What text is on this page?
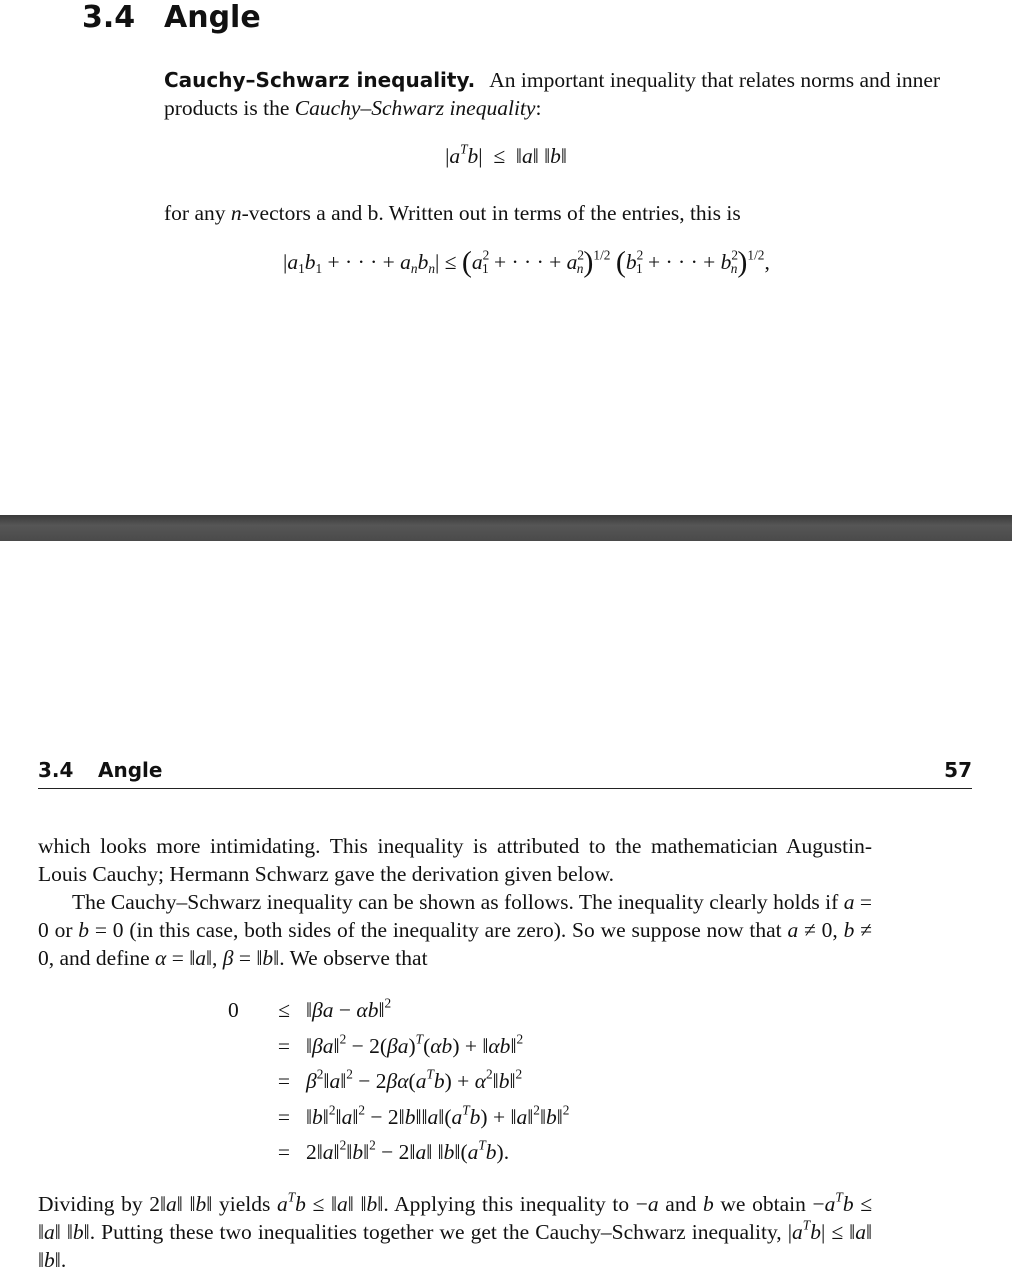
3.4 Angle
Cauchy–Schwarz inequality. An important inequality that relates norms and inner products is the Cauchy–Schwarz inequality:
$|a^Tb|$  ≤  ‖a‖ ‖b‖
for any n-vectors a and b. Written out in terms of the entries, this is
$|a_1b_1$ + · · · + $a_nb_n| \le (a^2_1$ + · · · + $a^2_n)^{1/2}$ ($b^2_1$ + · · · + $b^2_n)^{1/2}$,
3.4 Angle	57
which looks more intimidating. This inequality is attributed to the mathematician Augustin-Louis Cauchy; Hermann Schwarz gave the derivation given below.
The Cauchy–Schwarz inequality can be shown as follows. The inequality clearly holds if a = 0 or b = 0 (in this case, both sides of the inequality are zero). So we suppose now that a ≠ 0, b ≠ 0, and define α = ‖a‖, β = ‖b‖. We observe that
0	≤	‖βa − αb‖$^2$
	=	‖βa‖$^2$ − $2(\beta a)^T(\alpha b)$ + ‖αb‖$^2$
	=	$\beta^2‖a‖^2 - 2\beta\alpha(a^Tb)$ + $\alpha^2‖b‖^2$
	=	‖b‖$^2$‖a‖$^2$ − $2‖b‖‖a‖(a^Tb)$ + ‖a‖$^2$‖b‖$^2$
	=	2‖a‖$^2$‖b‖$^2$ − 2‖a‖ $‖b‖(a^Tb)$.
Dividing by 2‖a‖ ‖b‖ yields $a^Tb$ ≤ ‖a‖ ‖b‖. Applying this inequality to −a and b we obtain $-a^Tb$ ≤ ‖a‖ ‖b‖. Putting these two inequalities together we get the Cauchy–Schwarz inequality, $|a^Tb|$ ≤ ‖a‖ ‖b‖.
